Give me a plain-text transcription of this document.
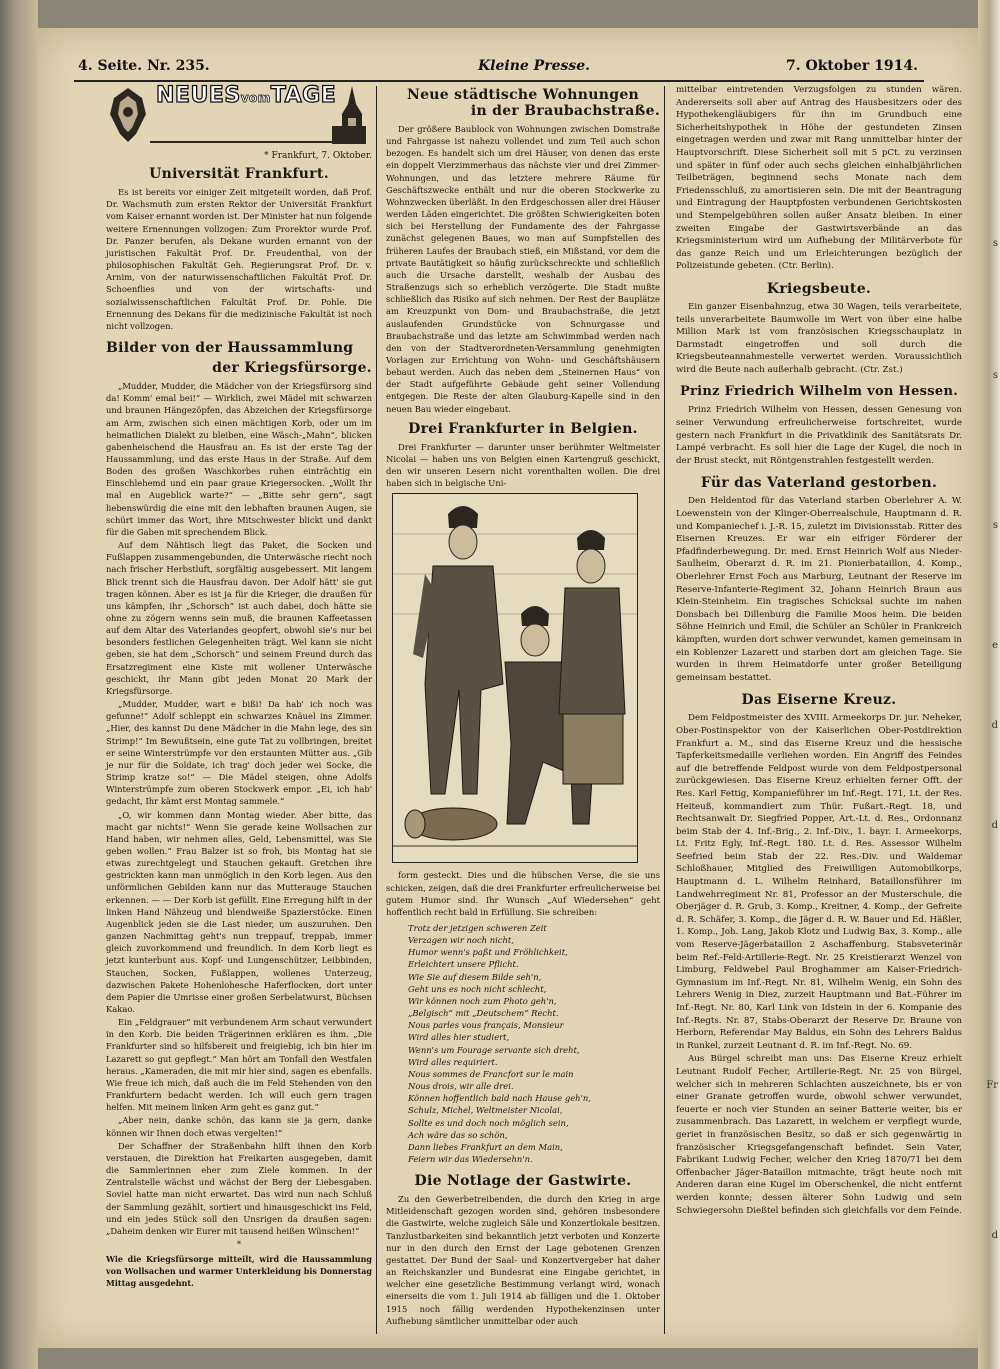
s
s
s
e
d
d
Fr
d
4. Seite. Nr. 235.	Kleine Presse.	7. Oktober 1914.
NEUESvomTAGE
* Frankfurt, 7. Oktober.
Universität Frankfurt.

Es ist bereits vor einiger Zeit mitgeteilt worden, daß Prof. Dr. Wachsmuth zum ersten Rektor der Universität Frankfurt vom Kaiser ernannt worden ist. Der Minister hat nun folgende weitere Ernennungen vollzogen: Zum Prorektor wurde Prof. Dr. Panzer berufen, als Dekane wurden ernannt von der juristischen Fakultät Prof. Dr. Freudenthal, von der philosophischen Fakultät Geh. Regierungsrat Prof. Dr. v. Arnim, von der naturwissenschaftlichen Fakultät Prof. Dr. Schoenflies und von der wirtschafts- und sozialwissenschaftlichen Fakultät Prof. Dr. Pohle. Die Ernennung des Dekans für die medizinische Fakultät ist noch nicht vollzogen.

Bilder von der Haussammlung
der Kriegsfürsorge.

„Mudder, Mudder, die Mädcher von der Kriegsfürsorg sind da! Komm' emal bei!“ — Wirklich, zwei Mädel mit schwarzen und braunen Hängezöpfen, das Abzeichen der Kriegsfürsorge am Arm, zwischen sich einen mächtigen Korb, oder um im heimatlichen Dialekt zu bleiben, eine Wäsch-„Mahn“, blicken gabenheischend die Hausfrau an. Es ist der erste Tag der Haussammlung, und das erste Haus in der Straße. Auf dem Boden des großen Waschkorbes ruhen einträchtig ein Einschlehemd und ein paar graue Kriegersocken. „Wollt Ihr mal en Augeblick warte?“ — „Bitte sehr gern“, sagt liebenswürdig die eine mit den lebhaften braunen Augen, sie schürt immer das Wort, ihre Mitschwester blickt und dankt für die Gaben mit sprechendem Blick.

Auf dem Nähtisch liegt das Paket, die Socken und Fußlappen zusammengebunden, die Unterwäsche riecht noch nach frischer Herbstluft, sorgfältig ausgebessert. Mit langem Blick trennt sich die Hausfrau davon. Der Adolf hätt' sie gut tragen können. Aber es ist ja für die Krieger, die draußen für uns kämpfen, ihr „Schorsch“ ist auch dabei, doch hätte sie ohne zu zögern wenns sein muß, die braunen Kaffeetassen auf dem Altar des Vaterlandes geopfert, obwohl sie's nur bei besonders festlichen Gelegenheiten trägt. Wel kann sie nicht geben, sie hat dem „Schorsch“ und seinem Freund durch das Ersatzregiment eine Kiste mit wollener Unterwäsche geschickt, ihr Mann gibt jeden Monat 20 Mark der Kriegsfürsorge.

„Mudder, Mudder, wart e bißi! Da hab' ich noch was gefunne!“ Adolf schleppt ein schwarzes Knäuel ins Zimmer. „Hier, des kannst Du dene Mädcher in die Mahn lege, des sin Strimp!“ Im Bewußtsein, eine gute Tat zu vollbringen, breitet er seine Winterstrümpfe vor den erstaunten Mütter aus. „Gib je nur für die Soldate, ich trag' doch jeder wei Socke, die Strimp kratze so!“ — Die Mädel steigen, ohne Adolfs Winterstrümpfe zum oberen Stockwerk empor. „Ei, ich hab' gedacht, Ihr kämt erst Montag sammele.“

„O, wir kommen dann Montag wieder. Aber bitte, das macht gar nichts!“ Wenn Sie gerade keine Wollsachen zur Hand haben, wir nehmen alles, Geld, Lebensmittel, was Sie geben wollen.“ Frau Balzer ist so froh, bis Montag hat sie etwas zurechtgelegt und Stauchen gekauft. Gretchen ihre gestrickten kann man unmöglich in den Korb legen. Aus den unförmlichen Gebilden kann nur das Mutterauge Stauchen erkennen. — — Der Korb ist gefüllt. Eine Erregung hilft in der linken Hand Nähzeug und blendweiße Spazierstöcke. Einen Augenblick jeden sie die Last nieder, um auszuruhen. Den ganzen Nachmittag geht's nun treppauf, treppab, immer gleich zuvorkommend und freundlich. In dem Korb liegt es jetzt kunterbunt aus. Kopf- und Lungenschützer, Leibbinden, Stauchen, Socken, Fußlappen, wollenes Unterzeug, dazwischen Pakete Hohenlohesche Haferflocken, dort unter dem Papier die Umrisse einer großen Serbelatwurst, Büchsen Kakao.

Ein „Feldgrauer“ mit verbundenem Arm schaut verwundert in den Korb. Die beiden Trägerinnen erklären es ihm. „Die Frankfurter sind so hilfsbereit und freigiebig, ich bin hier im Lazarett so gut gepflegt.“ Man hört am Tonfall den Westfalen heraus. „Kameraden, die mit mir hier sind, sagen es ebenfalls. Wie freue ich mich, daß auch die im Feld Stehenden von den Frankfurtern bedacht werden. Ich will euch gern tragen helfen. Mit meinem linken Arm geht es ganz gut.“

„Aber nein, danke schön, das kann sie ja gern, danke können wir Ihnen doch etwas vergelten!“

Der Schaffner der Straßenbahn hilft ihnen den Korb verstauen, die Direktion hat Freikarten ausgegeben, damit die Sammlerinnen eher zum Ziele kommen. In der Zentralstelle wächst und wächst der Berg der Liebesgaben. Soviel hatte man nicht erwartet. Das wird nun nach Schluß der Sammlung gezählt, sortiert und hinausgeschickt ins Feld, und ein jedes Stück soll den Unsrigen da draußen sagen: „Daheim denken wir Eurer mit tausend heißen Wünschen!“

*
Wie die Kriegsfürsorge mitteilt, wird die Haussammlung von Wollsachen und warmer Unterkleidung bis Donnerstag Mittag ausgedehnt.
Neue städtische Wohnungen
in der Braubachstraße.

Der größere Baublock von Wohnungen zwischen Domstraße und Fahrgasse ist nahezu vollendet und zum Teil auch schon bezogen. Es handelt sich um drei Häuser, von denen das erste ein doppelt Vierzimmerhaus das nächste vier und drei Zimmer-Wohnungen, und das letztere mehrere Räume für Geschäftszwecke enthält und nur die oberen Stockwerke zu Wohnzwecken überläßt. In den Erdgeschossen aller drei Häuser werden Läden eingerichtet. Die größten Schwierigkeiten boten sich bei Herstellung der Fundamente des der Fahrgasse zunächst gelegenen Baues, wo man auf Sumpfstellen des früheren Laufes der Braubach stieß, ein Mißstand, vor dem die private Bautätigkeit so häufig zurückschreckte und schließlich auch die Ursache darstellt, weshalb der Ausbau des Straßenzugs sich so erheblich verzögerte. Die Stadt mußte schließlich das Risiko auf sich nehmen. Der Rest der Bauplätze am Kreuzpunkt von Dom- und Braubachstraße, die jetzt auslaufenden Grundstücke von Schnurgasse und Braubachstraße und das letzte am Schwimmbad werden nach den von der Stadtverordneten-Versammlung genehmigten Vorlagen zur Errichtung von Wohn- und Geschäftshäusern bebaut werden. Auch das neben dem „Steinernen Haus“ von der Stadt aufgeführte Gebäude geht seiner Vollendung entgegen. Die Reste der alten Glauburg-Kapelle sind in den neuen Bau wieder eingebaut.

Drei Frankfurter in Belgien.

Drei Frankfurter — darunter unser berühmter Weltmeister Nicolai — haben uns von Belgien einen Kartengruß geschickt, den wir unseren Lesern nicht vorenthalten wollen. Die drei haben sich in belgische Uni-

form gesteckt. Dies und die hübschen Verse, die sie uns schicken, zeigen, daß die drei Frankfurter erfreulicherweise bei gutem Humor sind. Ihr Wunsch „Auf Wiedersehen“ geht hoffentlich recht bald in Erfüllung. Sie schreiben:

Trotz der jetzigen schweren Zeit
Verzagen wir noch nicht,
Humor wenn's paßt und Fröhlichkeit,
Erleichtert unsere Pflicht.
Wie Sie auf diesem Bilde seh'n,
Geht uns es noch nicht schlecht,
Wir können noch zum Photo geh'n,
„Belgisch“ mit „Deutschem“ Recht.
Nous parles vous français, Monsieur
Wird alles hier studiert,
Wenn's um Fourage servante sich dreht,
Wird alles requiriert.
Nous sommes de Francfort sur le main
Nous drois, wir alle drei.
Können hoffentlich bald nach Hause geh'n,
Schulz, Michel, Weltmeister Nicolai,
Sollte es und doch noch möglich sein,
Ach wäre das so schön,
Dann liebes Frankfurt an dem Main,
Feiern wir das Wiedersehn'n.
Die Notlage der Gastwirte.

Zu den Gewerbetreibenden, die durch den Krieg in arge Mitleidenschaft gezogen worden sind, gehören insbesondere die Gastwirte, welche zugleich Säle und Konzertlokale besitzen. Tanzlustbarkeiten sind bekanntlich jetzt verboten und Konzerte nur in den durch den Ernst der Lage gebotenen Grenzen gestattet. Der Bund der Saal- und Konzertvergeber hat daher an Reichskanzler und Bundesrat eine Eingabe gerichtet, in welcher eine gesetzliche Bestimmung verlangt wird, wonach einerseits die vom 1. Juli 1914 ab fälligen und die 1. Oktober 1915 noch fällig werdenden Hypothekenzinsen unter Aufhebung sämtlicher unmittelbar oder auch

mittelbar eintretenden Verzugsfolgen zu stunden wären. Andererseits soll aber auf Antrag des Hausbesitzers oder des Hypothekengläubigers für ihn im Grundbuch eine Sicherheitshypothek in Höhe der gestundeten Zinsen eingetragen werden und zwar mit Rang unmittelbar hinter der Hauptvorschrift. Diese Sicherheit soll mit 5 pCt. zu verzinsen und später in fünf oder auch sechs gleichen einhalbjährlichen Teilbeträgen, beginnend sechs Monate nach dem Friedensschluß, zu amortisieren sein. Die mit der Beantragung und Eintragung der Hauptpfosten verbundenen Gerichtskosten und Stempelgebühren sollen außer Ansatz bleiben. In einer zweiten Eingabe der Gastwirtsverbände an das Kriegsministerium wird um Aufhebung der Militärverbote für das ganze Reich und um Erleichterungen bezüglich der Polizeistunde gebeten. (Ctr. Berlin).

Kriegsbeute.

Ein ganzer Eisenbahnzug, etwa 30 Wagen, teils verarbeitete, teils unverarbeitete Baumwolle im Wert von über eine halbe Million Mark ist vom französischen Kriegsschauplatz in Darmstadt eingetroffen und soll durch die Kriegsbeuteannahmestelle verwertet werden. Voraussichtlich wird die Beute nach außerhalb gebracht. (Ctr. Zst.)

Prinz Friedrich Wilhelm von Hessen.

Prinz Friedrich Wilhelm von Hessen, dessen Genesung von seiner Verwundung erfreulicherweise fortschreitet, wurde gestern nach Frankfurt in die Privatklinik des Sanitätsrats Dr. Lampé verbracht. Es soll hier die Lage der Kugel, die noch in der Brust steckt, mit Röntgenstrahlen festgestellt werden.

Für das Vaterland gestorben.

Den Heldentod für das Vaterland starben Oberlehrer A. W. Loewenstein von der Klinger-Oberrealschule, Hauptmann d. R. und Kompaniechef i. J.-R. 15, zuletzt im Divisionsstab. Ritter des Eisernen Kreuzes. Er war ein eifriger Förderer der Pfadfinderbewegung. Dr. med. Ernst Heinrich Wolf aus Nieder-Saulheim, Oberarzt d. R. im 21. Pionierbataillon, 4. Komp., Oberlehrer Ernst Foch aus Marburg, Leutnant der Reserve im Reserve-Infanterie-Regiment 32, Johann Heinrich Braun aus Klein-Steinheim. Ein tragisches Schicksal suchte im nahen Donsbach bei Dillenburg die Familie Moos heim. Die beiden Söhne Heinrich und Emil, die Schüler an Schüler in Frankreich kämpften, wurden dort schwer verwundet, kamen gemeinsam in ein Koblenzer Lazarett und starben dort am gleichen Tage. Sie wurden in ihrem Heimatdorfe unter großer Beteiligung gemeinsam bestattet.

Das Eiserne Kreuz.

Dem Feldpostmeister des XVIII. Armeekorps Dr. jur. Neheker, Ober-Postinspektor von der Kaiserlichen Ober-Postdirektion Frankfurt a. M., sind das Eiserne Kreuz und die hessische Tapferkeitsmedaille verliehen worden. Ein Angriff des Feindes auf die betreffende Feldpost wurde von dem Feldpostpersonal zurückgewiesen. Das Eiserne Kreuz erhielten ferner Offt. der Res. Karl Fettig, Kompanieführer im Inf.-Regt. 171, Lt. der Res. Heiteuß, kommandiert zum Thür. Fußart.-Regt. 18, und Rechtsanwalt Dr. Siegfried Popper, Art.-Lt. d. Res., Ordonnanz beim Stab der 4. Inf.-Brig., 2. Inf.-Div., 1. bayr. I. Armeekorps, Lt. Fritz Egly, Inf.-Regt. 180. Lt. d. Res. Assessor Wilhelm Seefried beim Stab der 22. Res.-Div. und Waldemar Schloßhauer, Mitglied des Freiwilligen Automobilkorps, Hauptmann d. L. Wilhelm Reinhard, Bataillonsführer im Landwehrregiment Nr. 81, Professor an der Musterschule, die Oberjäger d. R. Grub, 3. Komp., Kreitner, 4. Komp., der Gefreite d. R. Schäfer, 3. Komp., die Jäger d. R. W. Bauer und Ed. Häßler, 1. Komp., Joh. Lang, Jakob Klotz und Ludwig Bax, 3. Komp., alle vom Reserve-Jägerbataillon 2 Aschaffenburg. Stabsveterinär beim Ref.-Feld-Artillerie-Regt. Nr. 25 Kreistierarzt Wenzel von Limburg, Feldwebel Paul Broghammer am Kaiser-Friedrich-Gymnasium im Inf.-Regt. Nr. 81, Wilhelm Wenig, ein Sohn des Lehrers Wenig in Diez, zurzeit Hauptmann und Bat.-Führer im Inf.-Regt. Nr. 80, Karl Link von Idstein in der 6. Kompanie des Inf.-Regts. Nr. 87, Stabs-Oberarzt der Reserve Dr. Braune von Herborn, Referendar May Baldus, ein Sohn des Lehrers Baldus in Runkel, zurzeit Leutnant d. R. im Inf.-Regt. No. 69.

Aus Bürgel schreibt man uns: Das Eiserne Kreuz erhielt Leutnant Rudolf Fecher, Artillerie-Regt. Nr. 25 von Bürgel, welcher sich in mehreren Schlachten auszeichnete, bis er von einer Granate getroffen wurde, obwohl schwer verwundet, feuerte er noch vier Stunden an seiner Batterie weiter, bis er zusammenbrach. Das Lazarett, in welchem er verpflegt wurde, geriet in französischen Besitz, so daß er sich gegenwärtig in französischer Kriegsgefangenschaft befindet. Sein Vater, Fabrikant Ludwig Fecher, welcher den Krieg 1870/71 bei dem Offenbacher Jäger-Bataillon mitmachte, trägt heute noch mit Anderen daran eine Kugel im Oberschenkel, die nicht entfernt werden konnte; dessen älterer Sohn Ludwig und sein Schwiegersohn Dießtel befinden sich gleichfalls vor dem Feinde.
